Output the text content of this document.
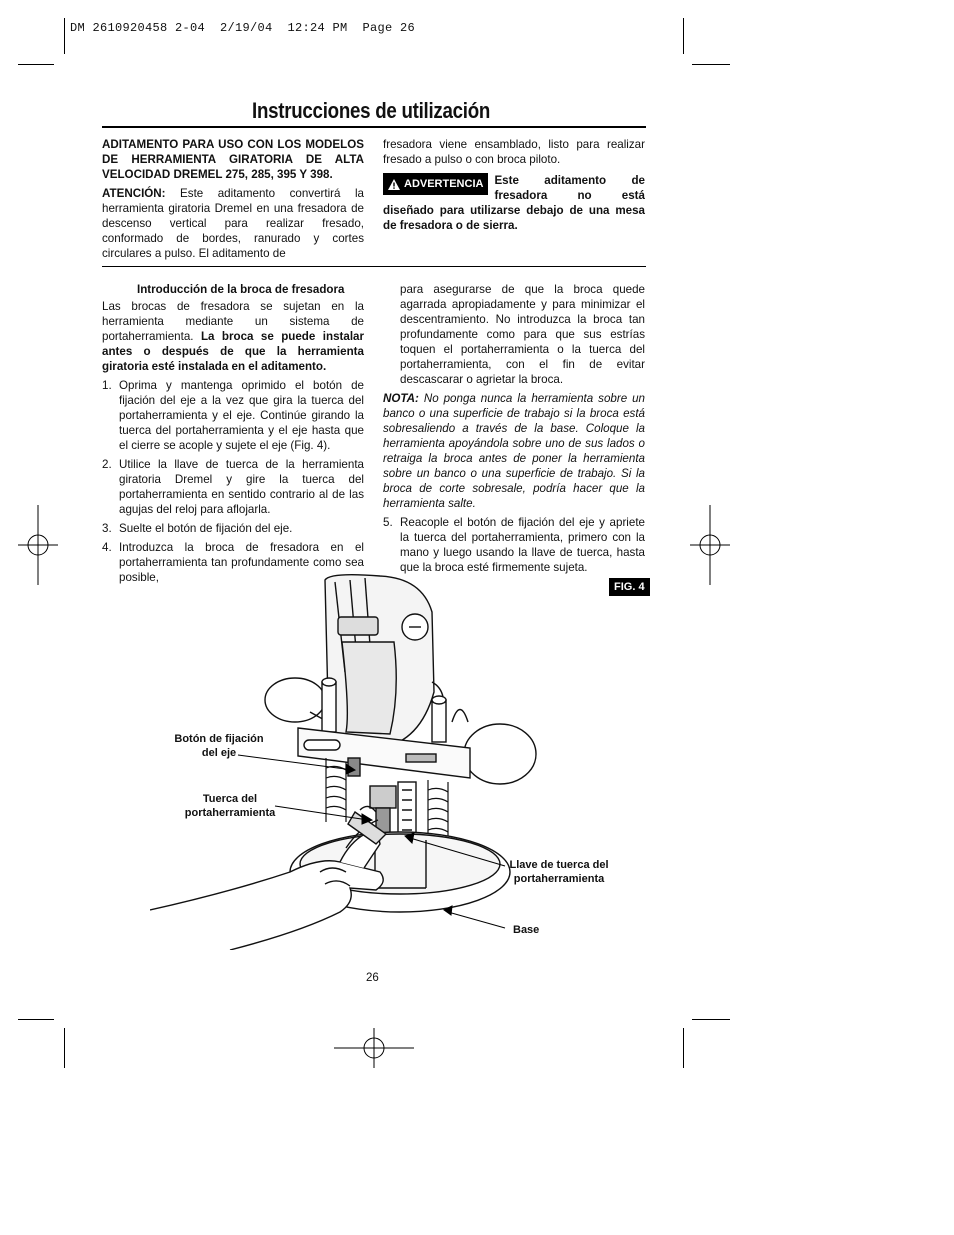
DM 2610920458 2-04  2/19/04  12:24 PM  Page 26
Instrucciones de utilización

ADITAMENTO PARA USO CON LOS MODELOS DE HERRAMIENTA GIRATORIA DE ALTA VELOCIDAD DREMEL 275, 285, 395 Y 398.

ATENCIÓN: Este aditamento convertirá la herramienta giratoria Dremel en una fresadora de descenso vertical para realizar fresado, conformado de bordes, ranurado y cortes circulares a pulso. El aditamento de

fresadora viene ensamblado, listo para realizar fresado a pulso o con broca piloto.

ADVERTENCIA Este aditamento de fresadora no está diseñado para utilizarse debajo de una mesa de fresadora o de sierra.
Introducción de la broca de fresadora

Las brocas de fresadora se sujetan en la herramienta mediante un sistema de portaherramienta. La broca se puede instalar antes o después de que la herramienta giratoria esté instalada en el aditamento.

1. Oprima y mantenga oprimido el botón de fijación del eje a la vez que gira la tuerca del portaherramienta y el eje. Continúe girando la tuerca del portaherramienta y el eje hasta que el cierre se acople y sujete el eje (Fig. 4).
2. Utilice la llave de tuerca de la herramienta giratoria Dremel y gire la tuerca del portaherramienta en sentido contrario al de las agujas del reloj para aflojarla.
3. Suelte el botón de fijación del eje.
4. Introduzca la broca de fresadora en el portaherramienta tan profundamente como sea posible,

para asegurarse de que la broca quede agarrada apropiadamente y para minimizar el descentramiento. No introduzca la broca tan profundamente como para que sus estrías toquen el portaherramienta o la tuerca del portaherramienta, con el fin de evitar descascarar o agrietar la broca.

NOTA: No ponga nunca la herramienta sobre un banco o una superficie de trabajo si la broca está sobresaliendo a través de la base. Coloque la herramienta apoyándola sobre uno de sus lados o retraiga la broca antes de poner la herramienta sobre un banco o una superficie de trabajo. Si la broca de corte sobresale, podría hacer que la herramienta salte.

5. Reacople el botón de fijación del eje y apriete la tuerca del portaherramienta, primero con la mano y luego usando la llave de tuerca, hasta que la broca esté firmemente sujeta.
FIG. 4
Botón de fijación
del eje
Tuerca del
portaherramienta
Llave de tuerca del
portaherramienta
Base
26
